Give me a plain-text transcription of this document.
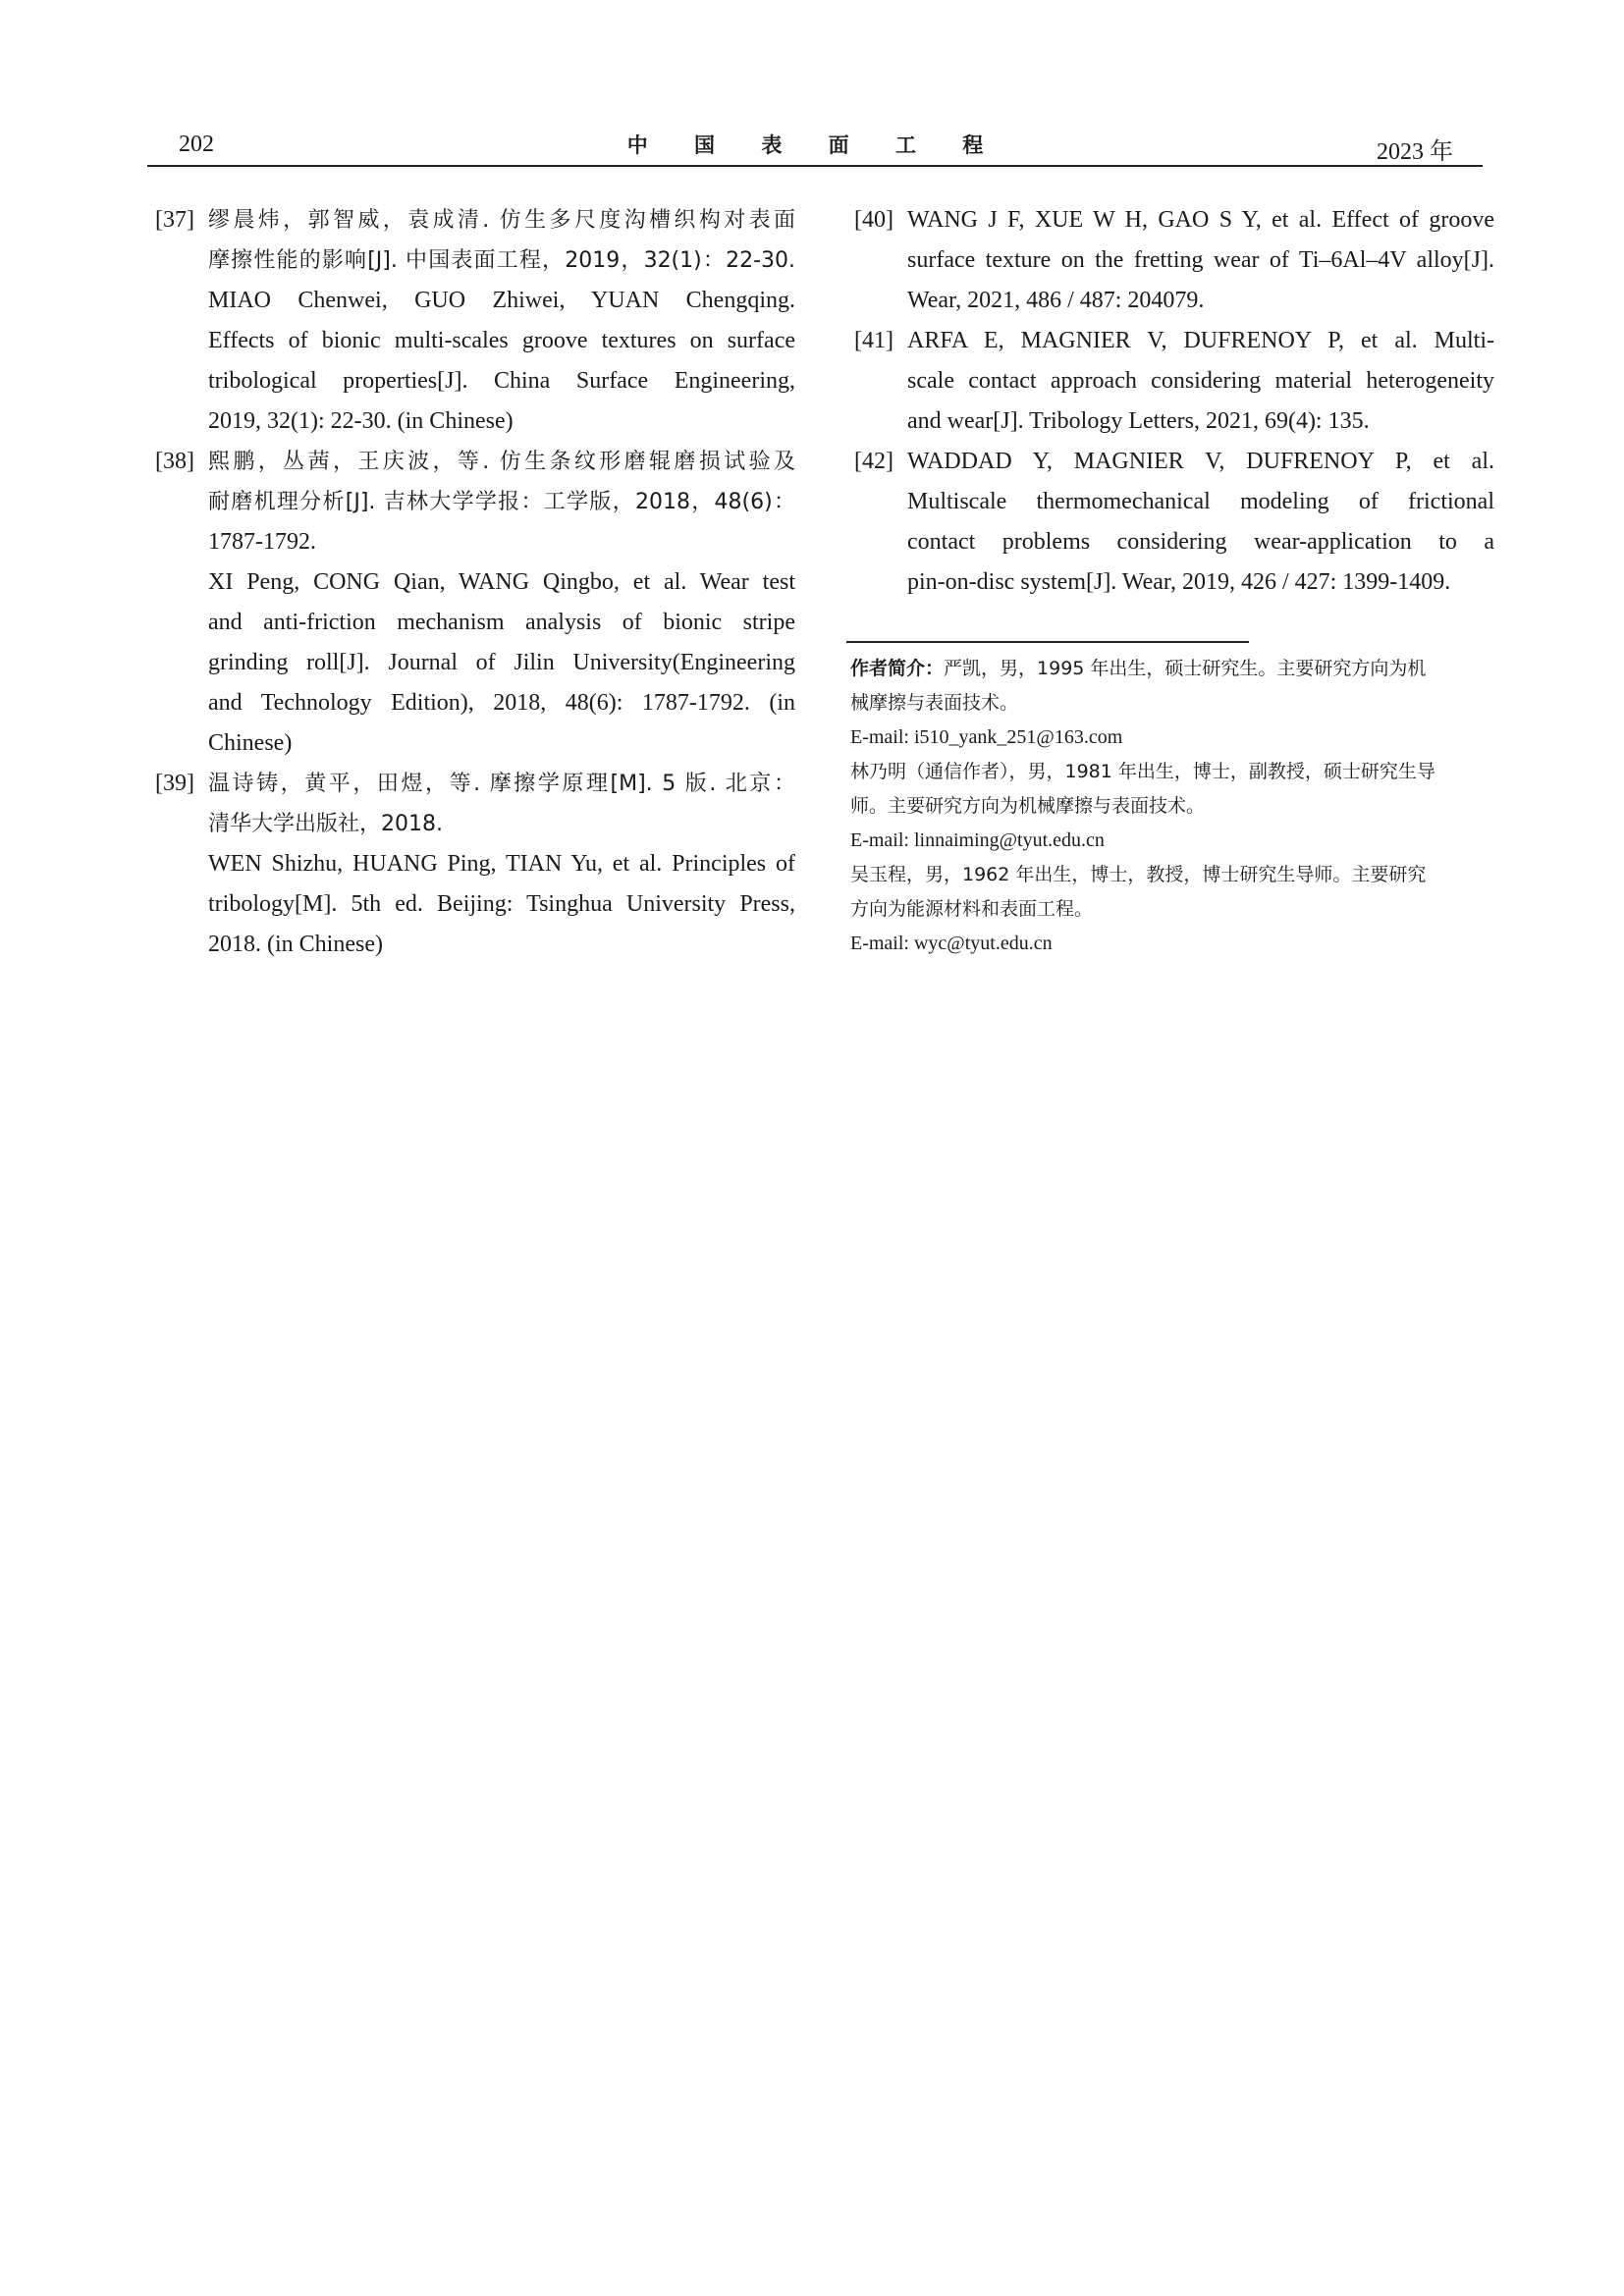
202	中 国 表 面 工 程	2023 年
[37] 缪晨炜，郭智威，袁成清. 仿生多尺度沟槽织构对表面
摩擦性能的影响[J]. 中国表面工程，2019，32(1)：22-30.
MIAO Chenwei, GUO Zhiwei, YUAN Chengqing.
Effects of bionic multi-scales groove textures on surface
tribological properties[J]. China Surface Engineering,
2019, 32(1): 22-30. (in Chinese)
[38] 熙鹏，丛茜，王庆波，等. 仿生条纹形磨辊磨损试验及
耐磨机理分析[J]. 吉林大学学报：工学版，2018，48(6)：
1787-1792.
XI Peng, CONG Qian, WANG Qingbo, et al. Wear test
and anti-friction mechanism analysis of bionic stripe
grinding roll[J]. Journal of Jilin University(Engineering
and Technology Edition), 2018, 48(6): 1787-1792. (in
Chinese)
[39] 温诗铸，黄平，田煜，等. 摩擦学原理[M]. 5 版. 北京：
清华大学出版社，2018.
WEN Shizhu, HUANG Ping, TIAN Yu, et al. Principles of
tribology[M]. 5th ed. Beijing: Tsinghua University Press,
2018. (in Chinese)
[40] WANG J F, XUE W H, GAO S Y, et al. Effect of groove
surface texture on the fretting wear of Ti–6Al–4V alloy[J].
Wear, 2021, 486 / 487: 204079.
[41] ARFA E, MAGNIER V, DUFRENOY P, et al. Multi-
scale contact approach considering material heterogeneity
and wear[J]. Tribology Letters, 2021, 69(4): 135.
[42] WADDAD Y, MAGNIER V, DUFRENOY P, et al.
Multiscale thermomechanical modeling of frictional
contact problems considering wear-application to a
pin-on-disc system[J]. Wear, 2019, 426 / 427: 1399-1409.
作者简介：严凯，男，1995 年出生，硕士研究生。主要研究方向为机
械摩擦与表面技术。
E-mail: i510_yank_251@163.com
林乃明（通信作者），男，1981 年出生，博士，副教授，硕士研究生导
师。主要研究方向为机械摩擦与表面技术。
E-mail: linnaiming@tyut.edu.cn
吴玉程，男，1962 年出生，博士，教授，博士研究生导师。主要研究
方向为能源材料和表面工程。
E-mail: wyc@tyut.edu.cn
